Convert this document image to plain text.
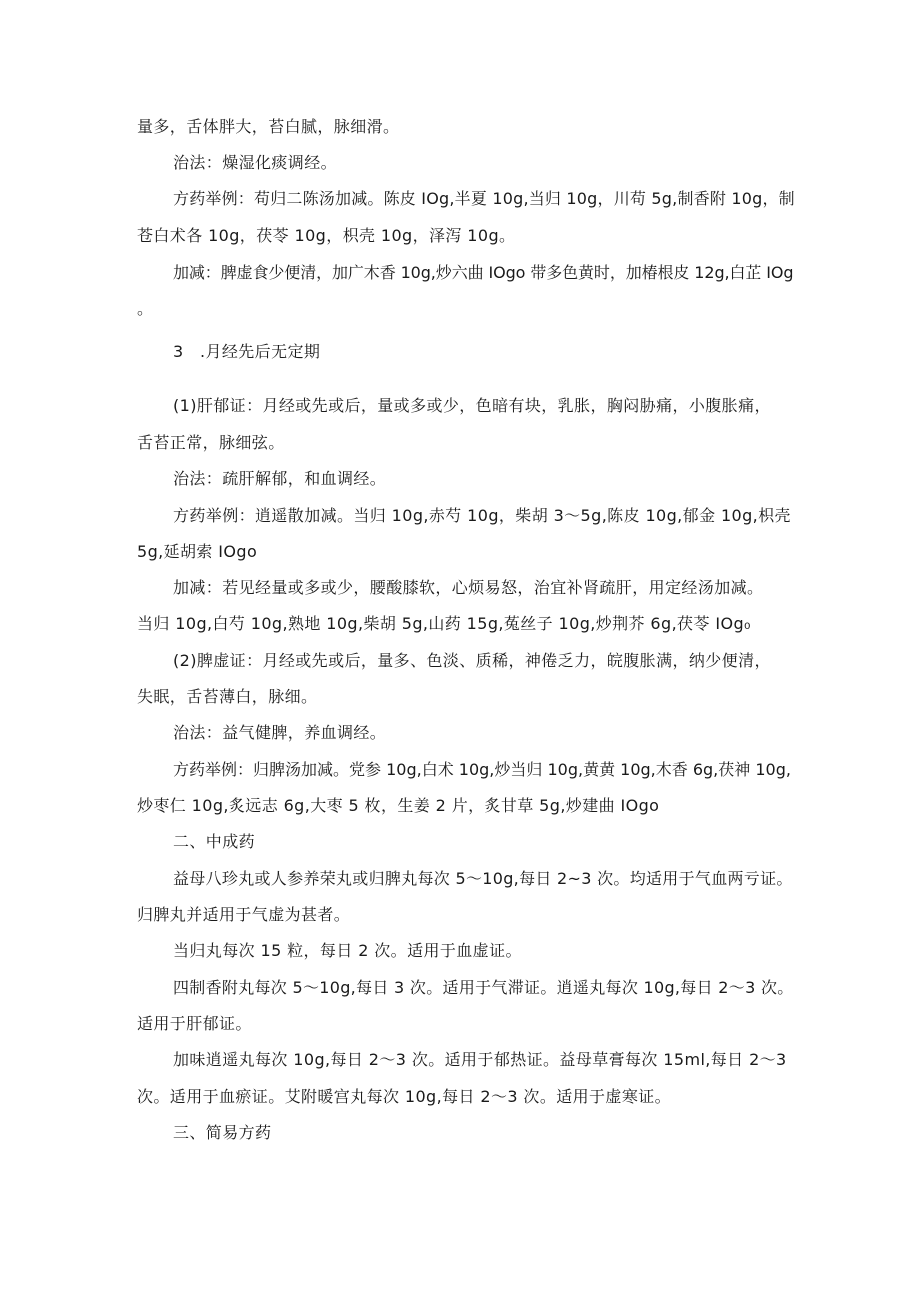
量多，舌体胖大，苔白腻，脉细滑。
治法：燥湿化痰调经。
方药举例：苟归二陈汤加减。陈皮 IOg,半夏 10g,当归 10g，川苟 5g,制香附 10g，制
苍白术各 10g，茯苓 10g，枳壳 10g，泽泻 10g。
加减：脾虚食少便清，加广木香 10g,炒六曲 IOgo 带多色黄时，加椿根皮 12g,白芷 IOg
。
3　.月经先后无定期
(1)肝郁证：月经或先或后，量或多或少，色暗有块，乳胀，胸闷胁痛，小腹胀痛，
舌苔正常，脉细弦。
治法：疏肝解郁，和血调经。
方药举例：逍遥散加减。当归 10g,赤芍 10g，柴胡 3～5g,陈皮 10g,郁金 10g,枳壳
5g,延胡索 IOgo
加减：若见经量或多或少，腰酸膝软，心烦易怒，治宜补肾疏肝，用定经汤加减。
当归 10g,白芍 10g,熟地 10g,柴胡 5g,山药 15g,菟丝子 10g,炒荆芥 6g,茯苓 IOg₀
(2)脾虚证：月经或先或后，量多、色淡、质稀，神倦乏力，皖腹胀满，纳少便清，
失眠，舌苔薄白，脉细。
治法：益气健脾，养血调经。
方药举例：归脾汤加减。党参 10g,白术 10g,炒当归 10g,黄黄 10g,木香 6g,茯神 10g,
炒枣仁 10g,炙远志 6g,大枣 5 枚，生姜 2 片，炙甘草 5g,炒建曲 IOgo
二、中成药
益母八珍丸或人参养荣丸或归脾丸每次 5～10g,每日 2~3 次。均适用于气血两亏证。
归脾丸并适用于气虚为甚者。
当归丸每次 15 粒，每日 2 次。适用于血虚证。
四制香附丸每次 5～10g,每日 3 次。适用于气滞证。逍遥丸每次 10g,每日 2～3 次。
适用于肝郁证。
加味逍遥丸每次 10g,每日 2～3 次。适用于郁热证。益母草膏每次 15ml,每日 2～3
次。适用于血瘀证。艾附暖宫丸每次 10g,每日 2～3 次。适用于虚寒证。
三、简易方药
